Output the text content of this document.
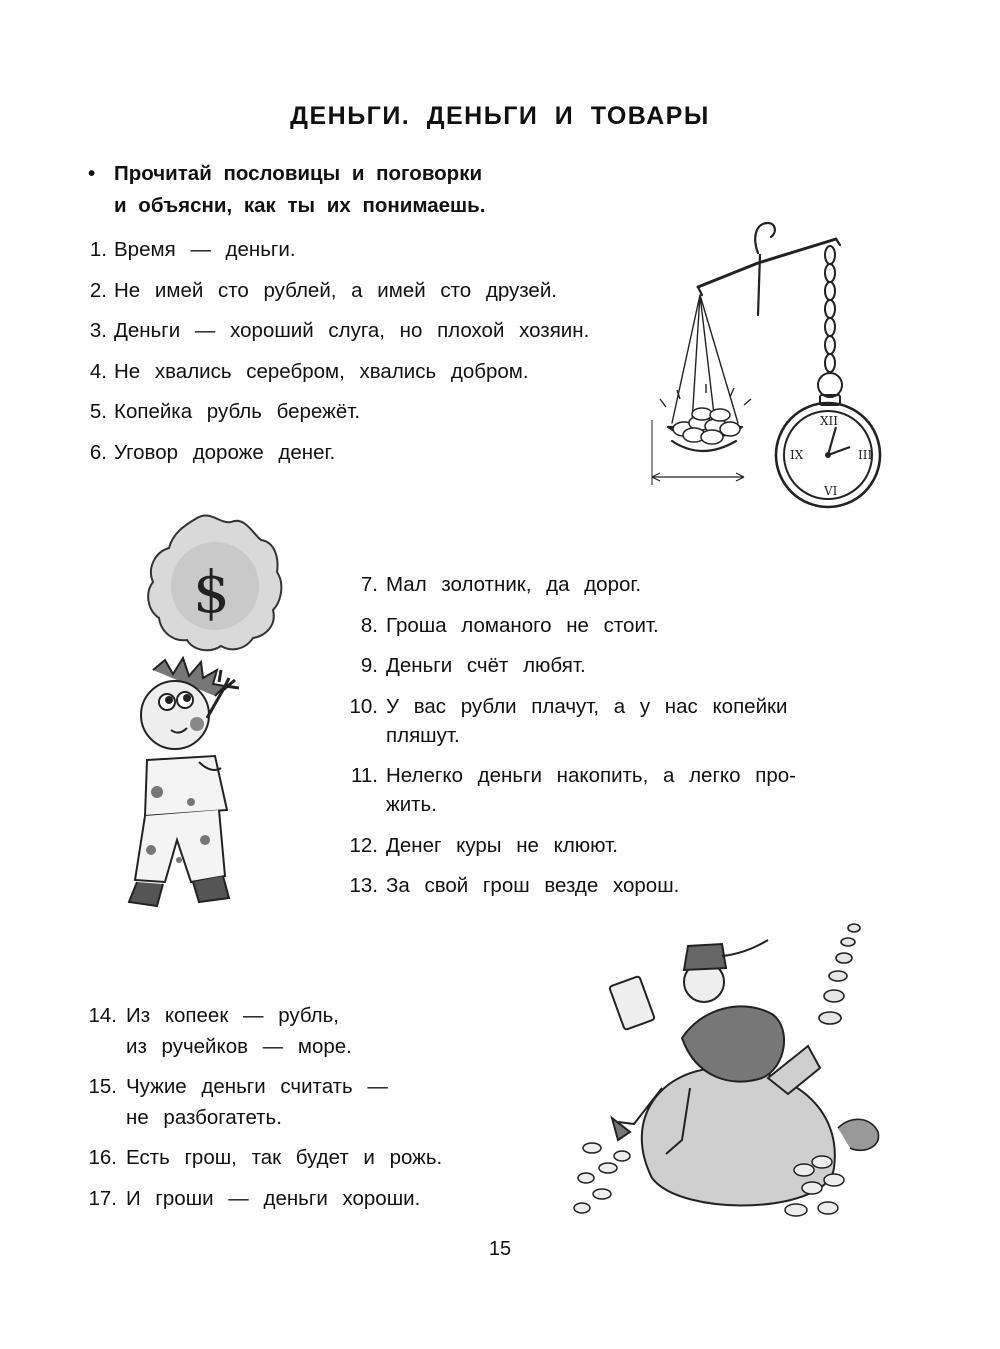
ДЕНЬГИ. ДЕНЬГИ И ТОВАРЫ
• Прочитай пословицы и поговорки
и объясни, как ты их понимаешь.
1. Время — деньги.
2. Не имей сто рублей, а имей сто друзей.
3. Деньги — хороший слуга, но плохой хозяин.
4. Не хвались серебром, хвались добром.
5. Копейка рубль бережёт.
6. Уговор дороже денег.
7. Мал золотник, да дорог.
8. Гроша ломаного не стоит.
9. Деньги счёт любят.
10. У вас рубли плачут, а у нас копейки
пляшут.
11. Нелегко деньги накопить, а легко про-
жить.
12. Денег куры не клюют.
13. За свой грош везде хорош.
14. Из копеек — рубль,
из ручейков — море.
15. Чужие деньги считать —
не разбогатеть.
16. Есть грош, так будет и рожь.
17. И гроши — деньги хороши.
XII
III
VI
IX
$
15
